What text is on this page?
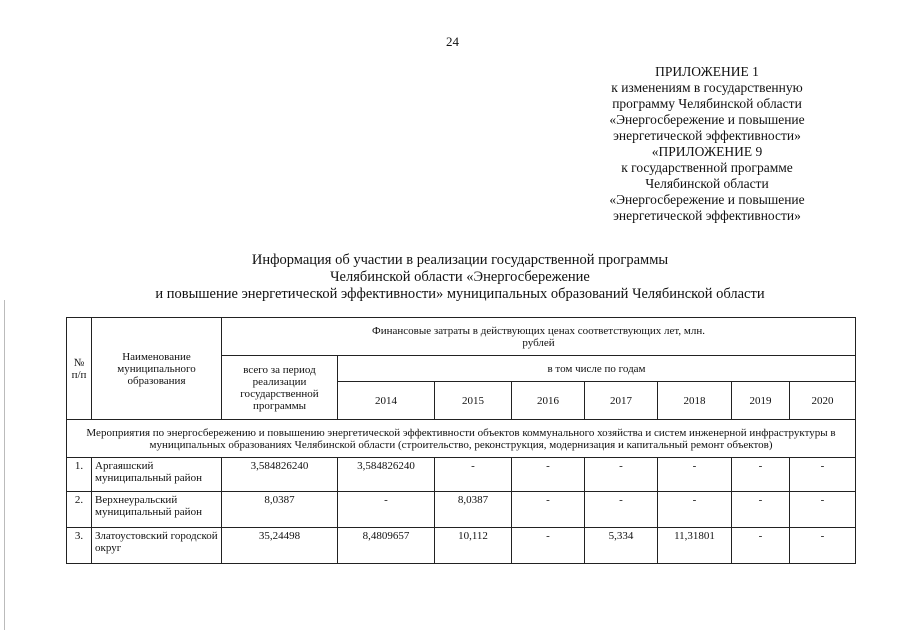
24
ПРИЛОЖЕНИЕ 1
к изменениям в государственную
программу Челябинской области
«Энергосбережение и повышение
энергетической эффективности»
«ПРИЛОЖЕНИЕ 9
к государственной программе
Челябинской области
«Энергосбережение и повышение
энергетической эффективности»
Информация об участии в реализации государственной программы
Челябинской области «Энергосбережение
и повышение энергетической эффективности» муниципальных образований Челябинской области
№
п/п	Наименование муниципального образования	Финансовые затраты в действующих ценах соответствующих лет, млн. рублей							
		всего за период реализации государственной программы	в том числе по годам						
			2014	2015	2016	2017	2018	2019	2020
Мероприятия по энергосбережению и повышению энергетической эффективности объектов коммунального хозяйства и систем инженерной инфраструктуры в муниципальных образованиях Челябинской области (строительство, реконструкция, модернизация и капитальный ремонт объектов)									
1.	Аргаяшский муниципальный район	3,584826240	3,584826240	-	-	-	-	-	-
2.	Верхнеуральский муниципальный район	8,0387	-	8,0387	-	-	-	-	-
3.	Златоустовский городской округ	35,24498	8,4809657	10,112	-	5,334	11,31801	-	-
